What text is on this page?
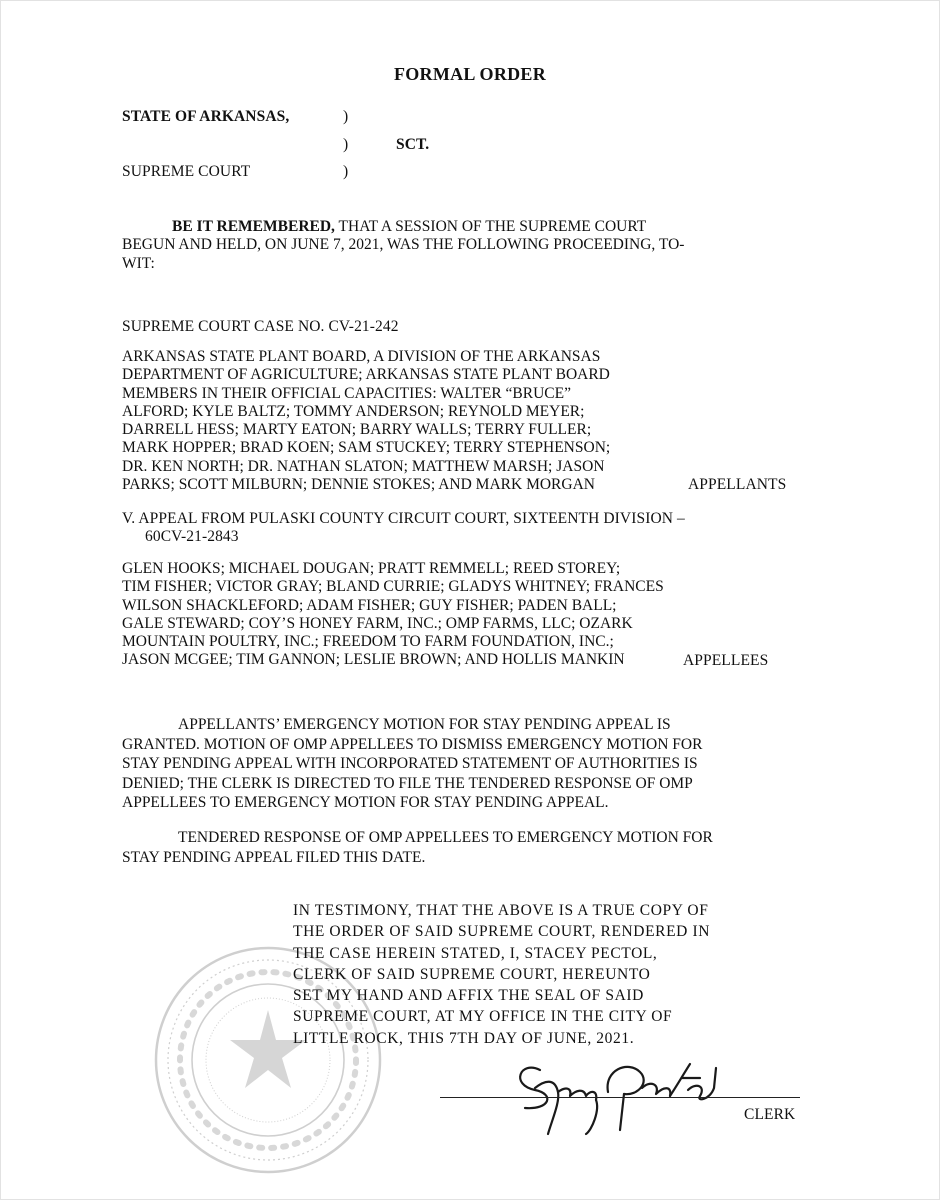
FORMAL ORDER
STATE OF ARKANSAS,	)
)	SCT.
SUPREME COURT	)
BE IT REMEMBERED, THAT A SESSION OF THE SUPREME COURT
BEGUN AND HELD, ON JUNE 7, 2021, WAS THE FOLLOWING PROCEEDING, TO-
WIT:
SUPREME COURT CASE NO. CV-21-242
ARKANSAS STATE PLANT BOARD, A DIVISION OF THE ARKANSAS
DEPARTMENT OF AGRICULTURE; ARKANSAS STATE PLANT BOARD
MEMBERS IN THEIR OFFICIAL CAPACITIES: WALTER “BRUCE”
ALFORD; KYLE BALTZ; TOMMY ANDERSON; REYNOLD MEYER;
DARRELL HESS; MARTY EATON; BARRY WALLS; TERRY FULLER;
MARK HOPPER; BRAD KOEN; SAM STUCKEY; TERRY STEPHENSON;
DR. KEN NORTH; DR. NATHAN SLATON; MATTHEW MARSH; JASON
PARKS; SCOTT MILBURN; DENNIE STOKES; AND MARK MORGAN	APPELLANTS
V. APPEAL FROM PULASKI COUNTY CIRCUIT COURT, SIXTEENTH DIVISION –
60CV-21-2843
GLEN HOOKS; MICHAEL DOUGAN; PRATT REMMELL; REED STOREY;
TIM FISHER; VICTOR GRAY; BLAND CURRIE; GLADYS WHITNEY; FRANCES
WILSON SHACKLEFORD; ADAM FISHER; GUY FISHER; PADEN BALL;
GALE STEWARD; COY’S HONEY FARM, INC.; OMP FARMS, LLC; OZARK
MOUNTAIN POULTRY, INC.; FREEDOM TO FARM FOUNDATION, INC.;
JASON MCGEE; TIM GANNON; LESLIE BROWN; AND HOLLIS MANKIN	APPELLEES
APPELLANTS’ EMERGENCY MOTION FOR STAY PENDING APPEAL IS
GRANTED. MOTION OF OMP APPELLEES TO DISMISS EMERGENCY MOTION FOR
STAY PENDING APPEAL WITH INCORPORATED STATEMENT OF AUTHORITIES IS
DENIED; THE CLERK IS DIRECTED TO FILE THE TENDERED RESPONSE OF OMP
APPELLEES TO EMERGENCY MOTION FOR STAY PENDING APPEAL.
TENDERED RESPONSE OF OMP APPELLEES TO EMERGENCY MOTION FOR
STAY PENDING APPEAL FILED THIS DATE.
IN TESTIMONY, THAT THE ABOVE IS A TRUE COPY OF
THE ORDER OF SAID SUPREME COURT, RENDERED IN
THE CASE HEREIN STATED, I, STACEY PECTOL,
CLERK OF SAID SUPREME COURT, HEREUNTO
SET MY HAND AND AFFIX THE SEAL OF SAID
SUPREME COURT, AT MY OFFICE IN THE CITY OF
LITTLE ROCK, THIS 7TH DAY OF JUNE, 2021.
CLERK
